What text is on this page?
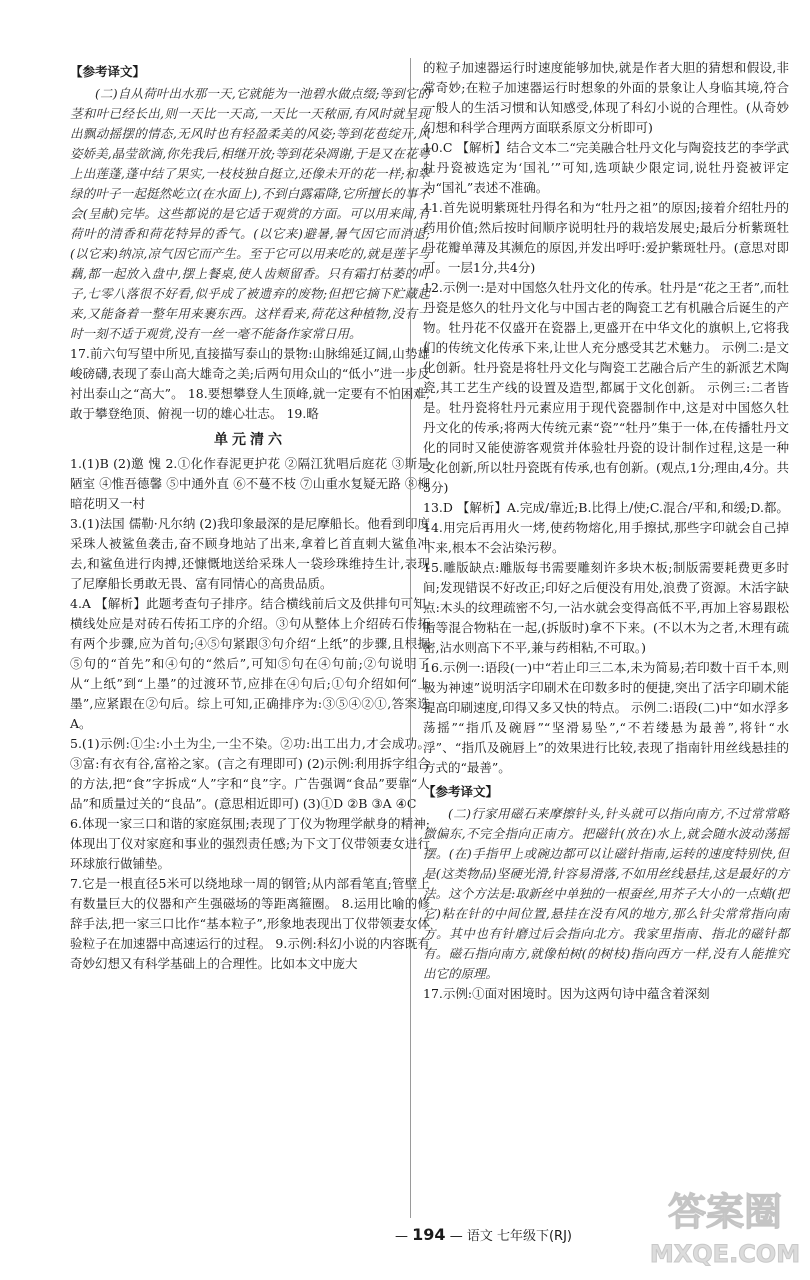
【参考译文】

(二)自从荷叶出水那一天,它就能为一池碧水做点缀;等到它的茎和叶已经长出,则一天比一天高,一天比一天秾丽,有风时就呈现出飘动摇摆的情态,无风时也有轻盈柔美的风姿;等到花苞绽开,风姿娇美,晶莹欲滴,你先我后,相继开放;等到花朵凋谢,于是又在花萼上出莲蓬,蓬中结了果实,一枝枝独自挺立,还像未开的花一样;和翠绿的叶子一起挺然屹立(在水面上),不到白露霜降,它所擅长的事不会(呈献)完毕。这些都说的是它适于观赏的方面。可以用来闻,有荷叶的清香和荷花特异的香气。(以它来)避暑,暑气因它而消退;(以它来)纳凉,凉气因它而产生。至于它可以用来吃的,就是莲子与藕,都一起放入盘中,摆上餐桌,使人齿颊留香。只有霜打枯萎的叶子,七零八落很不好看,似乎成了被遗弃的废物;但把它摘下贮藏起来,又能备着一整年用来裹东西。这样看来,荷花这种植物,没有一时一刻不适于观赏,没有一丝一毫不能备作家常日用。

17.前六句写望中所见,直接描写泰山的景物:山脉绵延辽阔,山势雄峻磅礴,表现了泰山高大雄奇之美;后两句用众山的“低小”进一步反衬出泰山之“高大”。 18.要想攀登人生顶峰,就一定要有不怕困难,敢于攀登绝顶、俯视一切的雄心壮志。 19.略

单元清六

1.(1)B (2)邀 愧 2.①化作春泥更护花 ②隔江犹唱后庭花 ③斯是陋室 ④惟吾德馨 ⑤中通外直 ⑥不蔓不枝 ⑦山重水复疑无路 ⑧柳暗花明又一村

3.(1)法国 儒勒·凡尔纳 (2)我印象最深的是尼摩船长。他看到印度采珠人被鲨鱼袭击,奋不顾身地站了出来,拿着匕首直刺大鲨鱼冲去,和鲨鱼进行肉搏,还慷慨地送给采珠人一袋珍珠维持生计,表现了尼摩船长勇敢无畏、富有同情心的高贵品质。

4.A 【解析】此题考查句子排序。结合横线前后文及供排句可知,横线处应是对砖石传拓工序的介绍。③句从整体上介绍砖石传拓有两个步骤,应为首句;④⑤句紧跟③句介绍“上纸”的步骤,且根据⑤句的“首先”和④句的“然后”,可知⑤句在④句前;②句说明了从“上纸”到“上墨”的过渡环节,应排在④句后;①句介绍如何“上墨”,应紧跟在②句后。综上可知,正确排序为:③⑤④②①,答案选A。

5.(1)示例:①尘:小土为尘,一尘不染。②功:出工出力,才会成功。③富:有衣有谷,富裕之家。(言之有理即可) (2)示例:利用拆字组合的方法,把“食”字拆成“人”字和“良”字。广告强调“食品”要靠“人品”和质量过关的“良品”。(意思相近即可) (3)①D ②B ③A ④C

6.体现一家三口和谐的家庭氛围;表现了丁仪为物理学献身的精神;体现出丁仪对家庭和事业的强烈责任感;为下文丁仪带领妻女进行环球旅行做铺垫。

7.它是一根直径5米可以绕地球一周的钢管;从内部看笔直;管壁上有数量巨大的仪器和产生强磁场的等距离箍圈。 8.运用比喻的修辞手法,把一家三口比作“基本粒子”,形象地表现出丁仪带领妻女体验粒子在加速器中高速运行的过程。 9.示例:科幻小说的内容既有奇妙幻想又有科学基础上的合理性。比如本文中庞大

的粒子加速器运行时速度能够加快,就是作者大胆的猜想和假设,非常奇妙;在粒子加速器运行时想象的外面的景象让人身临其境,符合一般人的生活习惯和认知感受,体现了科幻小说的合理性。(从奇妙幻想和科学合理两方面联系原文分析即可)

10.C 【解析】结合文本二“完美融合牡丹文化与陶瓷技艺的李学武牡丹瓷被选定为‘国礼’”可知,选项缺少限定词,说牡丹瓷被评定为“国礼”表述不准确。

11.首先说明紫斑牡丹得名和为“牡丹之祖”的原因;接着介绍牡丹的药用价值;然后按时间顺序说明牡丹的栽培发展史;最后分析紫斑牡丹花瓣单薄及其濒危的原因,并发出呼吁:爱护紫斑牡丹。(意思对即可。一层1分,共4分)

12.示例一:是对中国悠久牡丹文化的传承。牡丹是“花之王者”,而牡丹瓷是悠久的牡丹文化与中国古老的陶瓷工艺有机融合后诞生的产物。牡丹花不仅盛开在瓷器上,更盛开在中华文化的旗帜上,它将我们的传统文化传承下来,让世人充分感受其艺术魅力。 示例二:是文化创新。牡丹瓷是将牡丹文化与陶瓷工艺融合后产生的新派艺术陶瓷,其工艺生产线的设置及造型,都属于文化创新。 示例三:二者皆是。牡丹瓷将牡丹元素应用于现代瓷器制作中,这是对中国悠久牡丹文化的传承;将两大传统元素“瓷”“牡丹”集于一体,在传播牡丹文化的同时又能使游客观赏并体验牡丹瓷的设计制作过程,这是一种文化创新,所以牡丹瓷既有传承,也有创新。(观点,1分;理由,4分。共5分)

13.D 【解析】A.完成/靠近;B.比得上/使;C.混合/平和,和缓;D.都。

14.用完后再用火一烤,使药物熔化,用手擦拭,那些字印就会自己掉下来,根本不会沾染污秽。

15.雕版缺点:雕版每书需要雕刻许多块木板;制版需要耗费更多时间;发现错误不好改正;印好之后便没有用处,浪费了资源。木活字缺点:木头的纹理疏密不匀,一沾水就会变得高低不平,再加上容易跟松脂等混合物粘在一起,(拆版时)拿不下来。(不以木为之者,木理有疏密,沾水则高下不平,兼与药相粘,不可取。)

16.示例一:语段(一)中“若止印三二本,未为简易;若印数十百千本,则极为神速”说明活字印刷术在印数多时的便捷,突出了活字印刷术能提高印刷速度,印得又多又快的特点。 示例二:语段(二)中“如水浮多荡摇”“指爪及碗唇”“坚滑易坠”,“不若缕悬为最善”,将针“水浮”、“指爪及碗唇上”的效果进行比较,表现了指南针用丝线悬挂的方式的“最善”。

【参考译文】

(二)行家用磁石来摩擦针头,针头就可以指向南方,不过常常略微偏东,不完全指向正南方。把磁针(放在)水上,就会随水波动荡摇摆。(在)手指甲上或碗边都可以让磁针指南,运转的速度特别快,但是(这类物品)坚硬光滑,针容易滑落,不如用丝线悬挂,这是最好的方法。这个方法是:取新丝中单独的一根蚕丝,用芥子大小的一点蜡(把它)粘在针的中间位置,悬挂在没有风的地方,那么针尖常常指向南方。其中也有针磨过后会指向北方。我家里指南、指北的磁针都有。磁石指向南方,就像柏树(的树枝)指向西方一样,没有人能推究出它的原理。

17.示例:①面对困境时。因为这两句诗中蕴含着深刻

— 194 — 语文 七年级下(RJ)
答案圈
MXQE.COM
